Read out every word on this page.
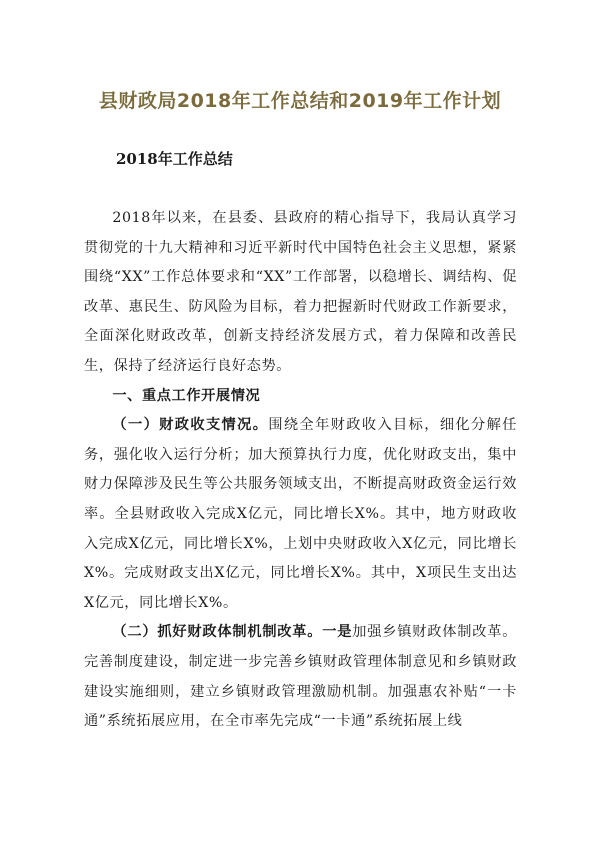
县财政局2018年工作总结和2019年工作计划
2018年工作总结

2018年以来，在县委、县政府的精心指导下，我局认真学习贯彻党的十九大精神和习近平新时代中国特色社会主义思想，紧紧围绕“XX”工作总体要求和“XX”工作部署，以稳增长、调结构、促改革、惠民生、防风险为目标，着力把握新时代财政工作新要求，全面深化财政改革，创新支持经济发展方式，着力保障和改善民生，保持了经济运行良好态势。

一、重点工作开展情况

（一）财政收支情况。围绕全年财政收入目标，细化分解任务，强化收入运行分析；加大预算执行力度，优化财政支出，集中财力保障涉及民生等公共服务领域支出，不断提高财政资金运行效率。全县财政收入完成X亿元，同比增长X%。其中，地方财政收入完成X亿元，同比增长X%，上划中央财政收入X亿元，同比增长X%。完成财政支出X亿元，同比增长X%。其中，X项民生支出达X亿元，同比增长X%。

（二）抓好财政体制机制改革。一是加强乡镇财政体制改革。完善制度建设，制定进一步完善乡镇财政管理体制意见和乡镇财政建设实施细则，建立乡镇财政管理激励机制。加强惠农补贴“一卡通”系统拓展应用，在全市率先完成“一卡通”系统拓展上线
